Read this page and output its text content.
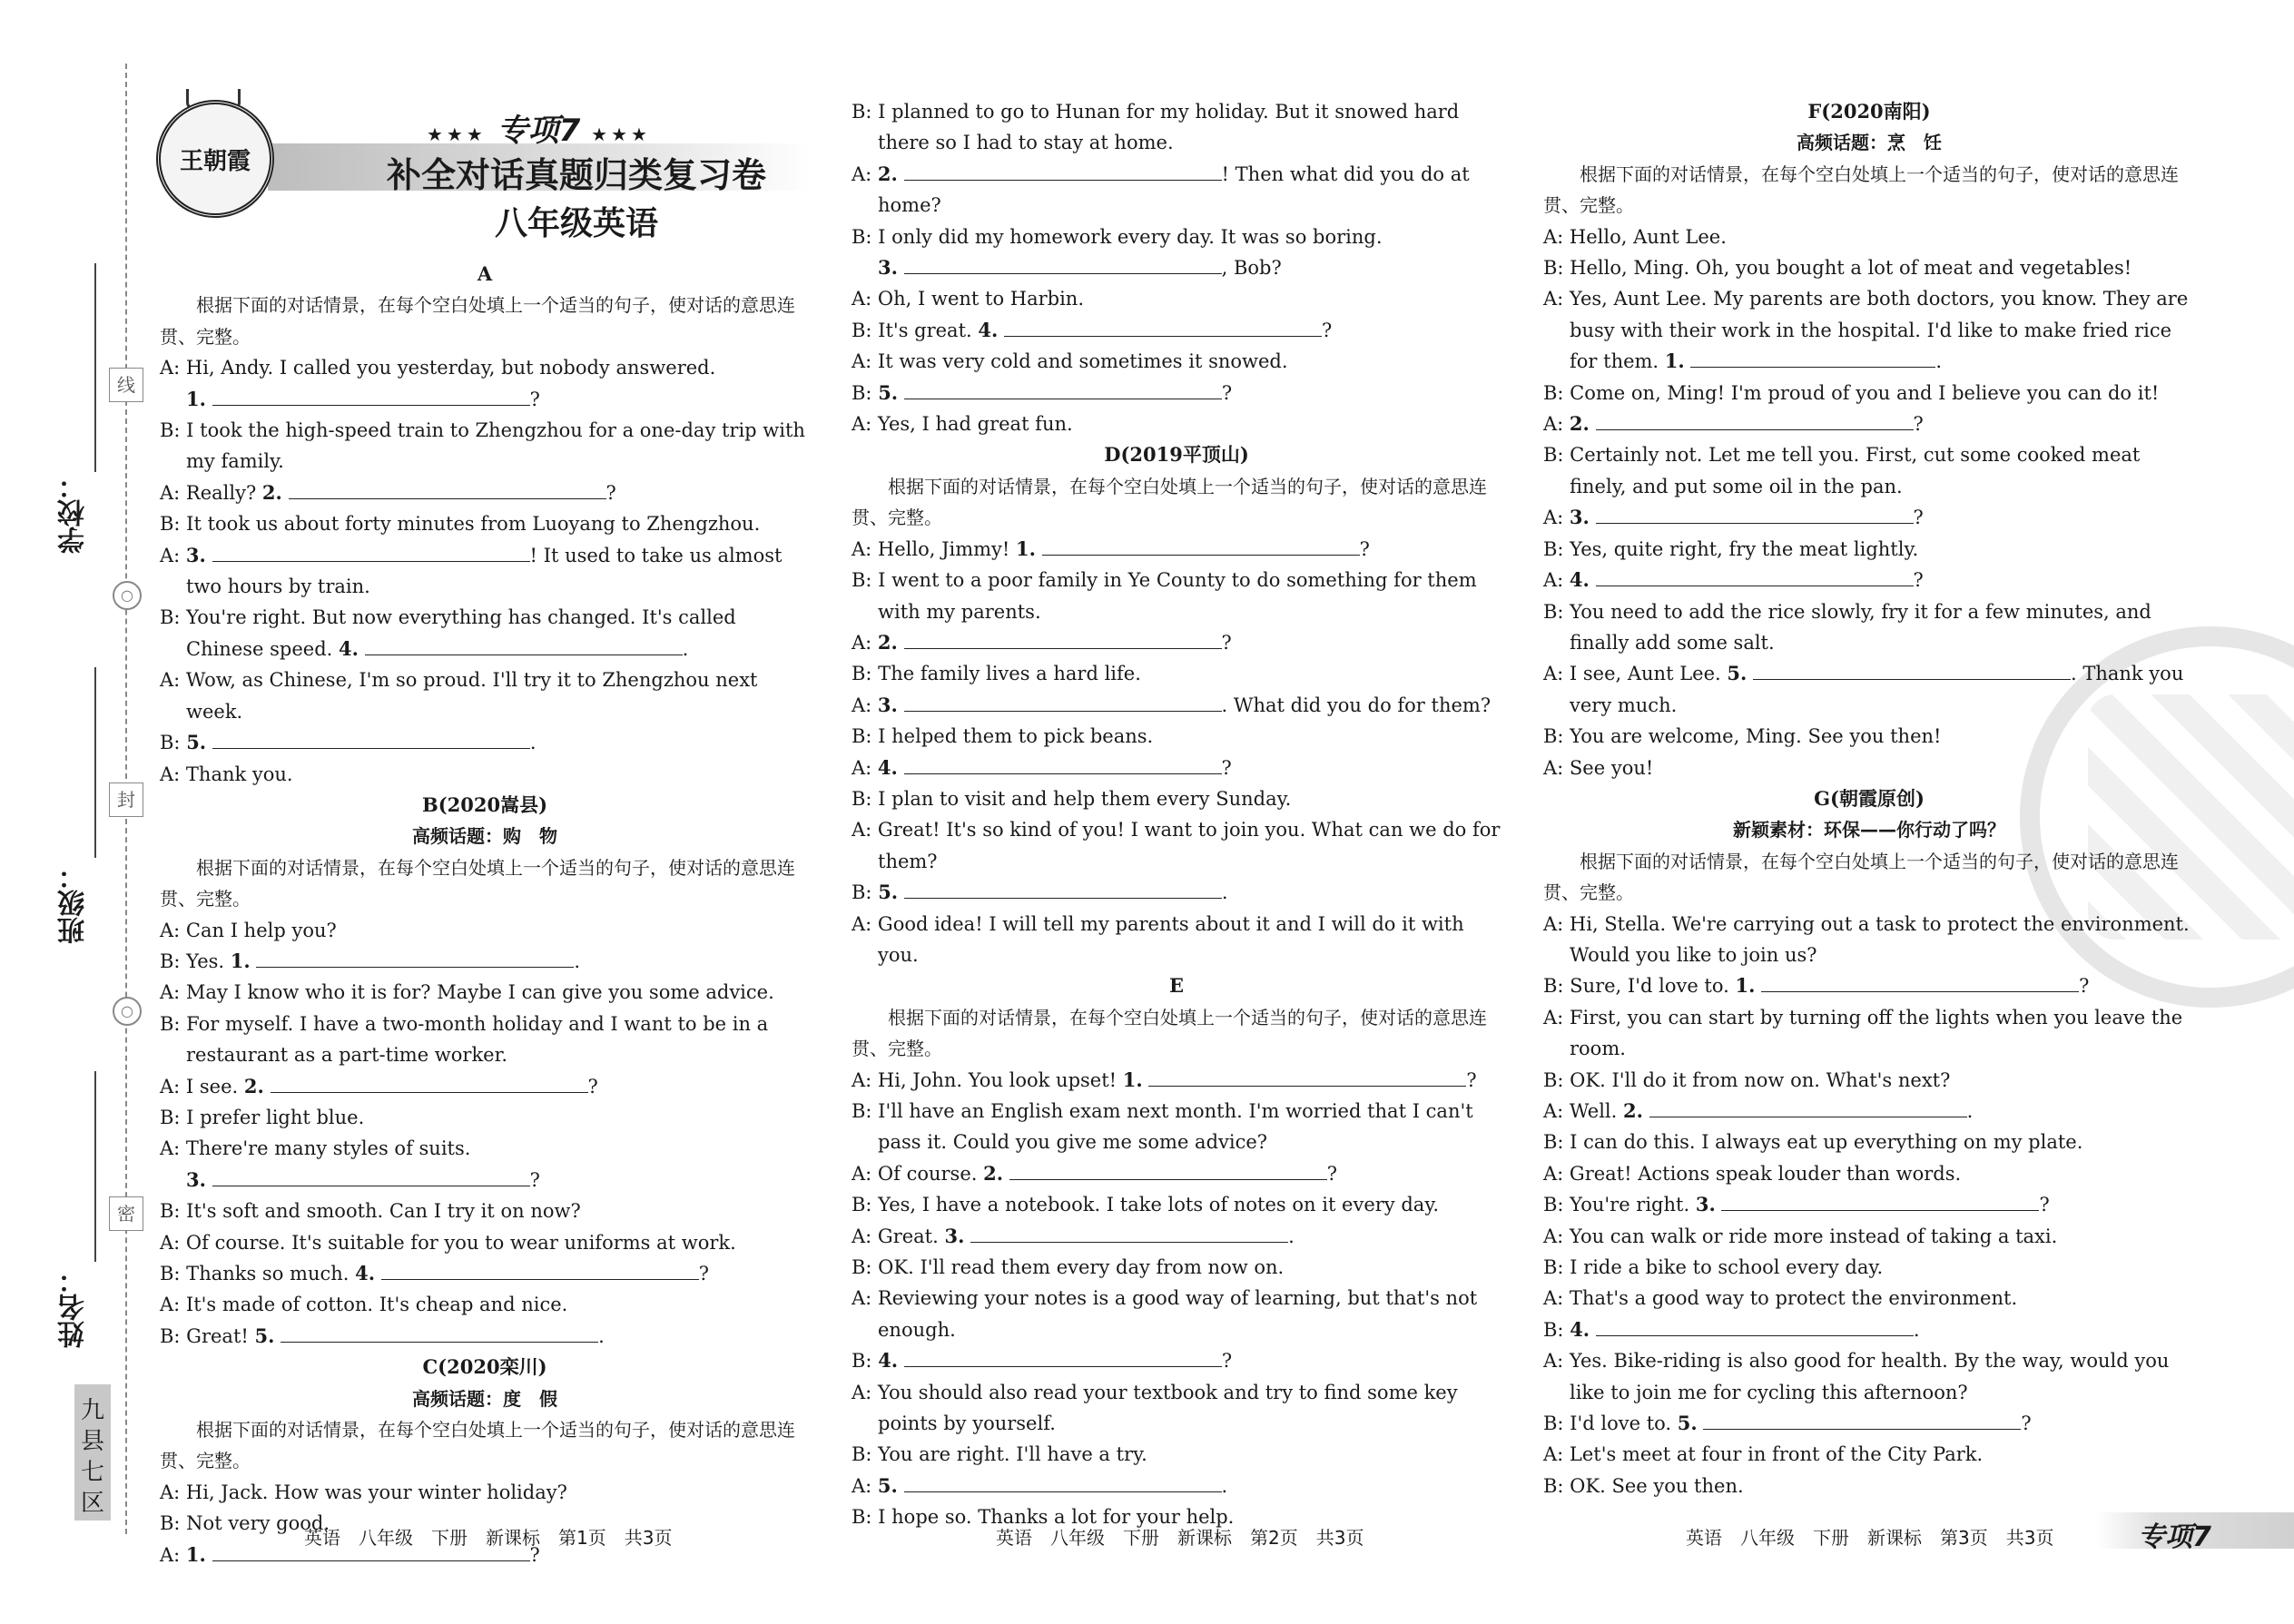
线
○
封
○
密
学校：
班级：
姓名：
九县七区
王朝霞
★★★ 专项7 ★★★
补全对话真题归类复习卷
八年级英语
A
根据下面的对话情景，在每个空白处填上一个适当的句子，使对话的意思连贯、完整。
A: Hi, Andy. I called you yesterday, but nobody answered.
1.	?
B: I took the high-speed train to Zhengzhou for a one-day trip with my family.
A: Really? 2.	?
B: It took us about forty minutes from Luoyang to Zhengzhou.
A: 3.	! It used to take us almost two hours by train.
B: You're right. But now everything has changed. It's called Chinese speed. 4.	.
A: Wow, as Chinese, I'm so proud. I'll try it to Zhengzhou next week.
B: 5.	.
A: Thank you.
B(2020嵩县)
高频话题：购　物
根据下面的对话情景，在每个空白处填上一个适当的句子，使对话的意思连贯、完整。
A: Can I help you?
B: Yes. 1.	.
A: May I know who it is for? Maybe I can give you some advice.
B: For myself. I have a two-month holiday and I want to be in a restaurant as a part-time worker.
A: I see. 2.	?
B: I prefer light blue.
A: There're many styles of suits.
3.	?
B: It's soft and smooth. Can I try it on now?
A: Of course. It's suitable for you to wear uniforms at work.
B: Thanks so much. 4.	?
A: It's made of cotton. It's cheap and nice.
B: Great! 5.	.
C(2020栾川)
高频话题：度　假
根据下面的对话情景，在每个空白处填上一个适当的句子，使对话的意思连贯、完整。
A: Hi, Jack. How was your winter holiday?
B: Not very good.
A: 1.	?
B: I planned to go to Hunan for my holiday. But it snowed hard there so I had to stay at home.
A: 2.	! Then what did you do at home?
B: I only did my homework every day. It was so boring.
3.	, Bob?
A: Oh, I went to Harbin.
B: It's great. 4.	?
A: It was very cold and sometimes it snowed.
B: 5.	?
A: Yes, I had great fun.
D(2019平顶山)
根据下面的对话情景，在每个空白处填上一个适当的句子，使对话的意思连贯、完整。
A: Hello, Jimmy! 1.	?
B: I went to a poor family in Ye County to do something for them with my parents.
A: 2.	?
B: The family lives a hard life.
A: 3.	. What did you do for them?
B: I helped them to pick beans.
A: 4.	?
B: I plan to visit and help them every Sunday.
A: Great! It's so kind of you! I want to join you. What can we do for them?
B: 5.	.
A: Good idea! I will tell my parents about it and I will do it with you.
E
根据下面的对话情景，在每个空白处填上一个适当的句子，使对话的意思连贯、完整。
A: Hi, John. You look upset! 1.	?
B: I'll have an English exam next month. I'm worried that I can't pass it. Could you give me some advice?
A: Of course. 2.	?
B: Yes, I have a notebook. I take lots of notes on it every day.
A: Great. 3.	.
B: OK. I'll read them every day from now on.
A: Reviewing your notes is a good way of learning, but that's not enough.
B: 4.	?
A: You should also read your textbook and try to find some key points by yourself.
B: You are right. I'll have a try.
A: 5.	.
B: I hope so. Thanks a lot for your help.
F(2020南阳)
高频话题：烹　饪
根据下面的对话情景，在每个空白处填上一个适当的句子，使对话的意思连贯、完整。
A: Hello, Aunt Lee.
B: Hello, Ming. Oh, you bought a lot of meat and vegetables!
A: Yes, Aunt Lee. My parents are both doctors, you know. They are busy with their work in the hospital. I'd like to make fried rice for them. 1.	.
B: Come on, Ming! I'm proud of you and I believe you can do it!
A: 2.	?
B: Certainly not. Let me tell you. First, cut some cooked meat finely, and put some oil in the pan.
A: 3.	?
B: Yes, quite right, fry the meat lightly.
A: 4.	?
B: You need to add the rice slowly, fry it for a few minutes, and finally add some salt.
A: I see, Aunt Lee. 5.	. Thank you very much.
B: You are welcome, Ming. See you then!
A: See you!
G(朝霞原创)
新颖素材：环保——你行动了吗？
根据下面的对话情景，在每个空白处填上一个适当的句子，使对话的意思连贯、完整。
A: Hi, Stella. We're carrying out a task to protect the environment. Would you like to join us?
B: Sure, I'd love to. 1.	?
A: First, you can start by turning off the lights when you leave the room.
B: OK. I'll do it from now on. What's next?
A: Well. 2.	.
B: I can do this. I always eat up everything on my plate.
A: Great! Actions speak louder than words.
B: You're right. 3.	?
A: You can walk or ride more instead of taking a taxi.
B: I ride a bike to school every day.
A: That's a good way to protect the environment.
B: 4.	.
A: Yes. Bike-riding is also good for health. By the way, would you like to join me for cycling this afternoon?
B: I'd love to. 5.	?
A: Let's meet at four in front of the City Park.
B: OK. See you then.
英语　八年级　下册　新课标　第1页　共3页	英语　八年级　下册　新课标　第2页　共3页	英语　八年级　下册　新课标　第3页　共3页	专项7
